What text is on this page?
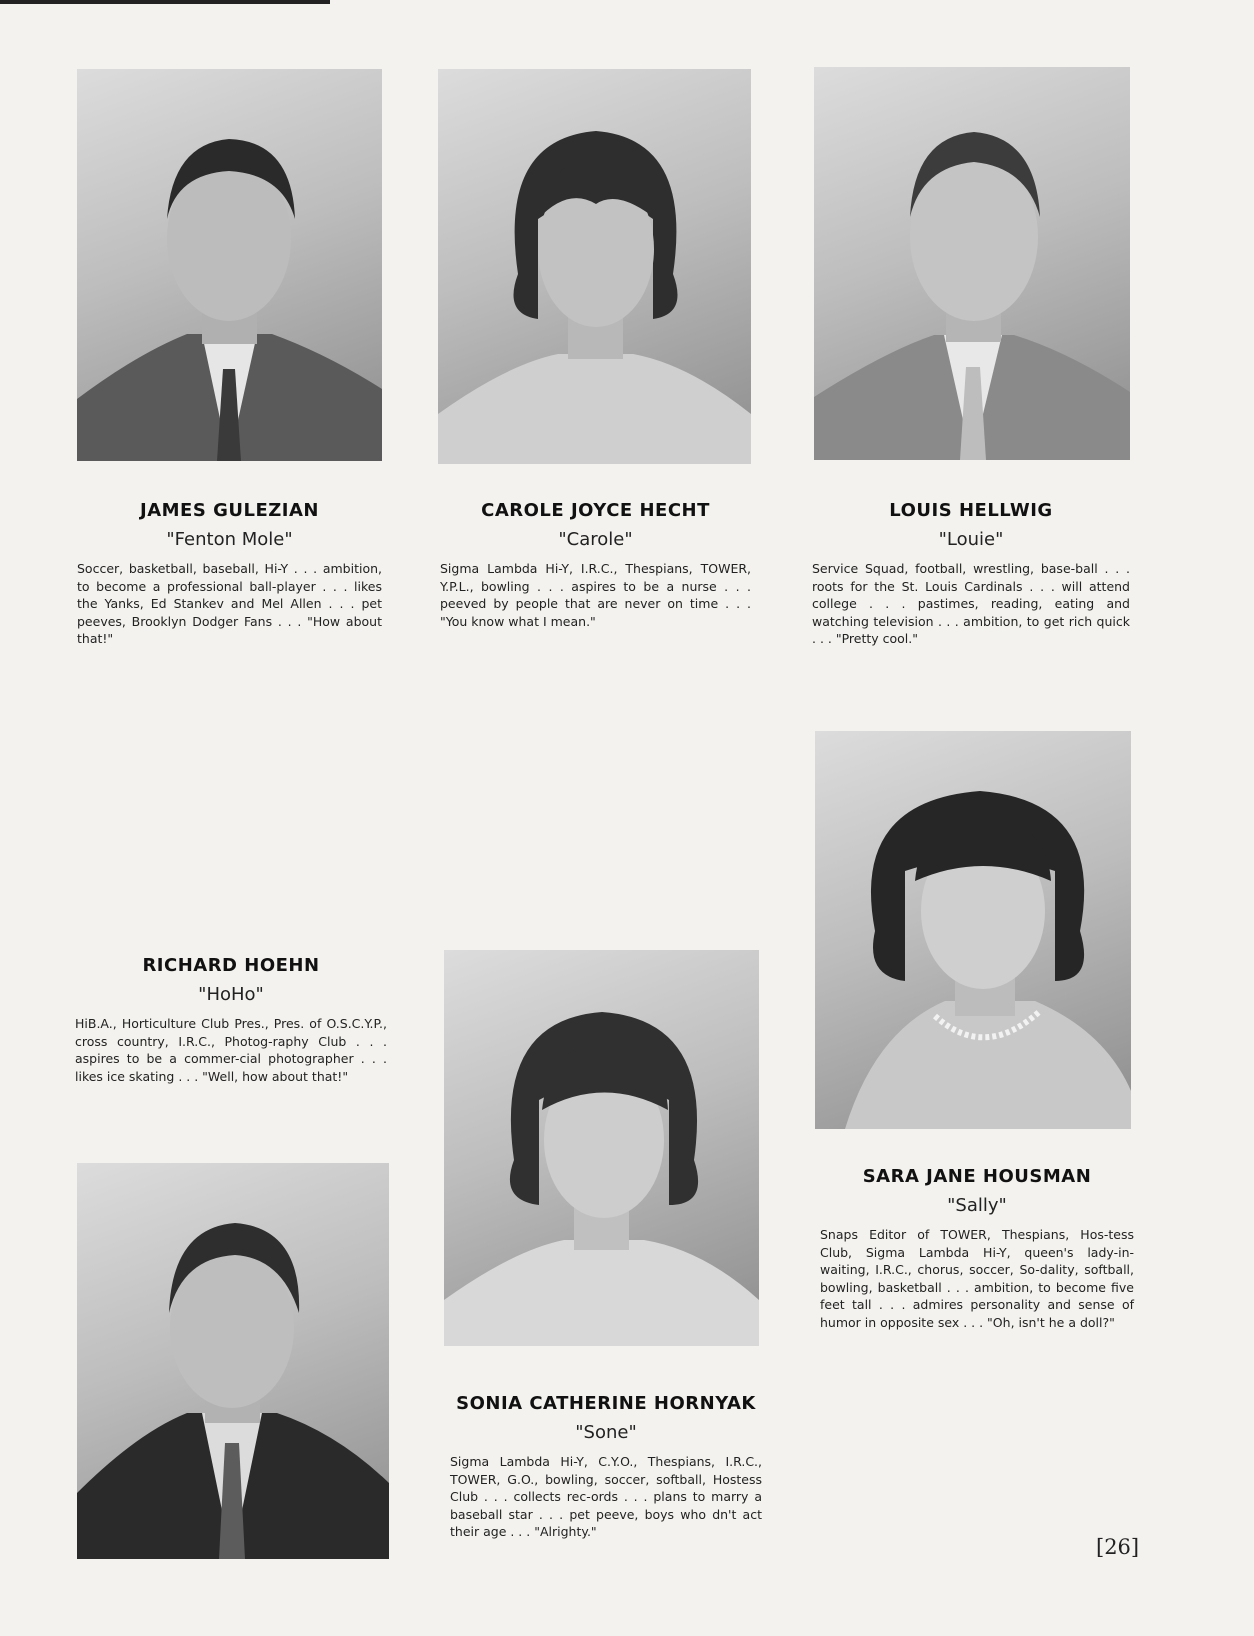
JAMES GULEZIAN
"Fenton Mole"
Soccer, basketball, baseball, Hi-Y . . . ambition, to become a professional ball-player . . . likes the Yanks, Ed Stankev and Mel Allen . . . pet peeves, Brooklyn Dodger Fans . . . "How about that!"
CAROLE JOYCE HECHT
"Carole"
Sigma Lambda Hi-Y, I.R.C., Thespians, TOWER, Y.P.L., bowling . . . aspires to be a nurse . . . peeved by people that are never on time . . . "You know what I mean."
LOUIS HELLWIG
"Louie"
Service Squad, football, wrestling, base-ball . . . roots for the St. Louis Cardinals . . . will attend college . . . pastimes, reading, eating and watching television . . . ambition, to get rich quick . . . "Pretty cool."
RICHARD HOEHN
"HoHo"
HiB.A., Horticulture Club Pres., Pres. of O.S.C.Y.P., cross country, I.R.C., Photog-raphy Club . . . aspires to be a commer-cial photographer . . . likes ice skating . . . "Well, how about that!"
SARA JANE HOUSMAN
"Sally"
Snaps Editor of TOWER, Thespians, Hos-tess Club, Sigma Lambda Hi-Y, queen's lady-in-waiting, I.R.C., chorus, soccer, So-dality, softball, bowling, basketball . . . ambition, to become five feet tall . . . admires personality and sense of humor in opposite sex . . . "Oh, isn't he a doll?"
SONIA CATHERINE HORNYAK
"Sone"
Sigma Lambda Hi-Y, C.Y.O., Thespians, I.R.C., TOWER, G.O., bowling, soccer, softball, Hostess Club . . . collects rec-ords . . . plans to marry a baseball star . . . pet peeve, boys who dn't act their age . . . "Alrighty."
[26]
